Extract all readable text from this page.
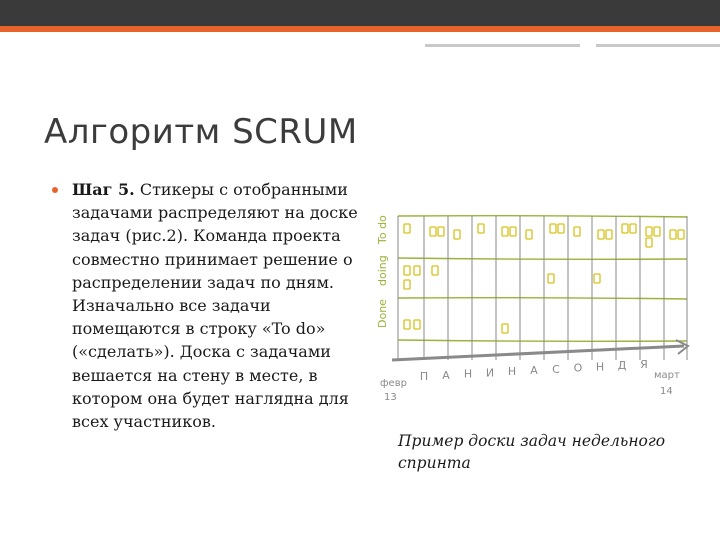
Алгоритм SCRUM
Шаг 5. Стикеры с отобранными задачами распределяют на доске задач (рис.2). Команда проекта совместно принимает решение о распределении задач по дням. Изначально все задачи помещаются в строку «To do» («сделать»). Доска с задачами вешается на стену в месте, в котором она будет наглядна для всех участников.
To do
doing
Done
П А Н И Н А С О Н Д Я
февр
13
март
14
Пример доски задач недельного спринта
